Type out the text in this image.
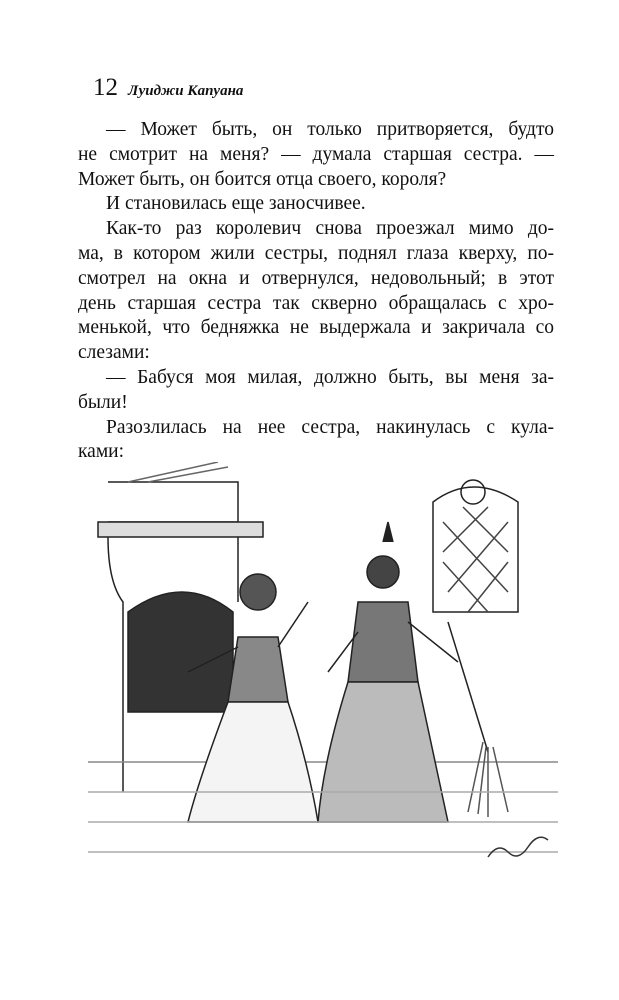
12 Луиджи Капуана
— Может быть, он только притворяется, будто
не смотрит на меня? — думала старшая сестра. —
Может быть, он боится отца своего, короля?
И становилась еще заносчивее.
Как-то раз королевич снова проезжал мимо до-
ма, в котором жили сестры, поднял глаза кверху, по-
смотрел на окна и отвернулся, недовольный; в этот
день старшая сестра так скверно обращалась с хро-
менькой, что бедняжка не выдержала и закричала со
слезами:
— Бабуся моя милая, должно быть, вы меня за-
были!
Разозлилась на нее сестра, накинулась с кула-
ками:
